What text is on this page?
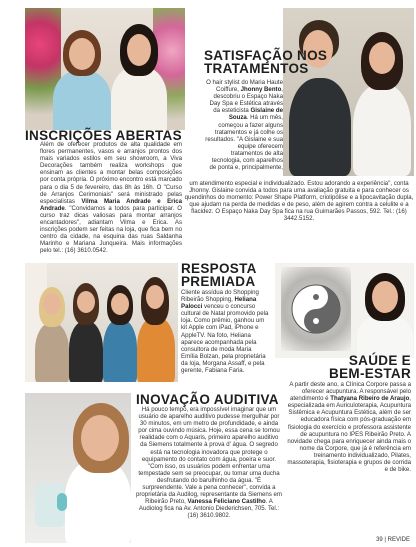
INSCRIÇÕES ABERTAS
SATISFAÇÃO NOS
TRATAMENTOS
RESPOSTA
PREMIADA
SAÚDE E
BEM-ESTAR
INOVAÇÃO AUDITIVA
Além de oferecer produtos de alta qualidade em flores permanentes, vasos e arranjos prontos dos mais variados estilos em seu showroom, a Viva Decorações também realiza workshops que ensinam as clientes a montar belas composições por conta própria. O próximo encontro está marcado para o dia 5 de fevereiro, das 8h às 16h. O "Curso de Arranjos Cerimoniais" será ministrado pelas especialistas Vilma Maria Andrade e Erica Andrade. "Convidamos a todos para participar. O curso traz dicas valiosas para montar arranjos encantadores", adiantam Vilma e Erica. As inscrições podem ser feitas na loja, que fica bem no centro da cidade, na esquina das ruas Saldanha Marinho e Mariana Junqueira. Mais informações pelo tel.: (16) 3610.0542.
O hair stylist do Maria Haute Coiffure, Jhonny Bento, descobriu o Espaço Naka Day Spa e Estética através da esteticista Gislaine de Souza. Há um mês, começou a fazer alguns tratamentos e já colhe os resultados. "A Gislaine e sua equipe oferecem tratamentos de alta tecnologia, com aparelhos de ponta e, principalmente,
um atendimento especial e individualizado. Estou adorando a experiência", conta Jhonny. Gislaine convida a todos para uma avaliação gratuita e para conhecer os quendinhos do momento: Power Shape Platform, criolipólise e a lipocavitação dupla, que ajudam na perda de medidas e de peso, além de agirem contra a celulite e a flacidez. O Espaço Naka Day Spa fica na rua Guimarães Passos, 592. Tel.: (16) 3442.5152.
Cliente assídua do Shopping Ribeirão Shopping, Heliana Palocci venceu o concurso cultural de Natal promovido pela loja. Como prêmio, ganhou um kit Apple com iPad, iPhone e AppleTV. Na foto, Heliana aparece acompanhada pela consultora de moda Maria Emília Bolzan, pela proprietária da loja, Morgana Assaff, e pela gerente, Fabiana Faria.
A partir deste ano, a Clínica Corpore passa a oferecer acupuntura. A responsável pelo atendimento é Thatyana Ribeiro de Araujo, especializada em Auriculoterapia, Acupuntura Sistêmica e Acupuntura Estética, além de ser educadora física com pós-graduação em fisiologia do exercício e professora assistente de acupuntura no IPES Ribeirão Preto. A novidade chega para enriquecer ainda mais o nome da Corpore, que já é referência em treinamento individualizado, Pilates, massoterapia, fisioterapia e grupos de corrida e de bike.
Há pouco tempo, era impossível imaginar que um usuário de aparelho auditivo pudesse mergulhar por 30 minutos, em um metro de profundidade, e ainda por cima ouvindo música. Hoje, essa cena se tornou realidade com o Aquaris, primeiro aparelho auditivo da Siemens totalmente à prova d' água. O segredo está na tecnologia inovadora que protege o equipamento do contato com água, poeira e suor. "Com isso, os usuários podem enfrentar uma tempestade sem se preocupar, ou tomar uma ducha desfrutando do barulhinho da água. "É surpreendente. Vale a pena conhecer", convida a proprietária da Audilog, representante da Siemens em Ribeirão Preto, Vanessa Feliciano Castilho. A Audiolog fica na Av. Antonio Diederichsen, 705. Tel.: (16) 3610.9802.
39 | REVIDE
